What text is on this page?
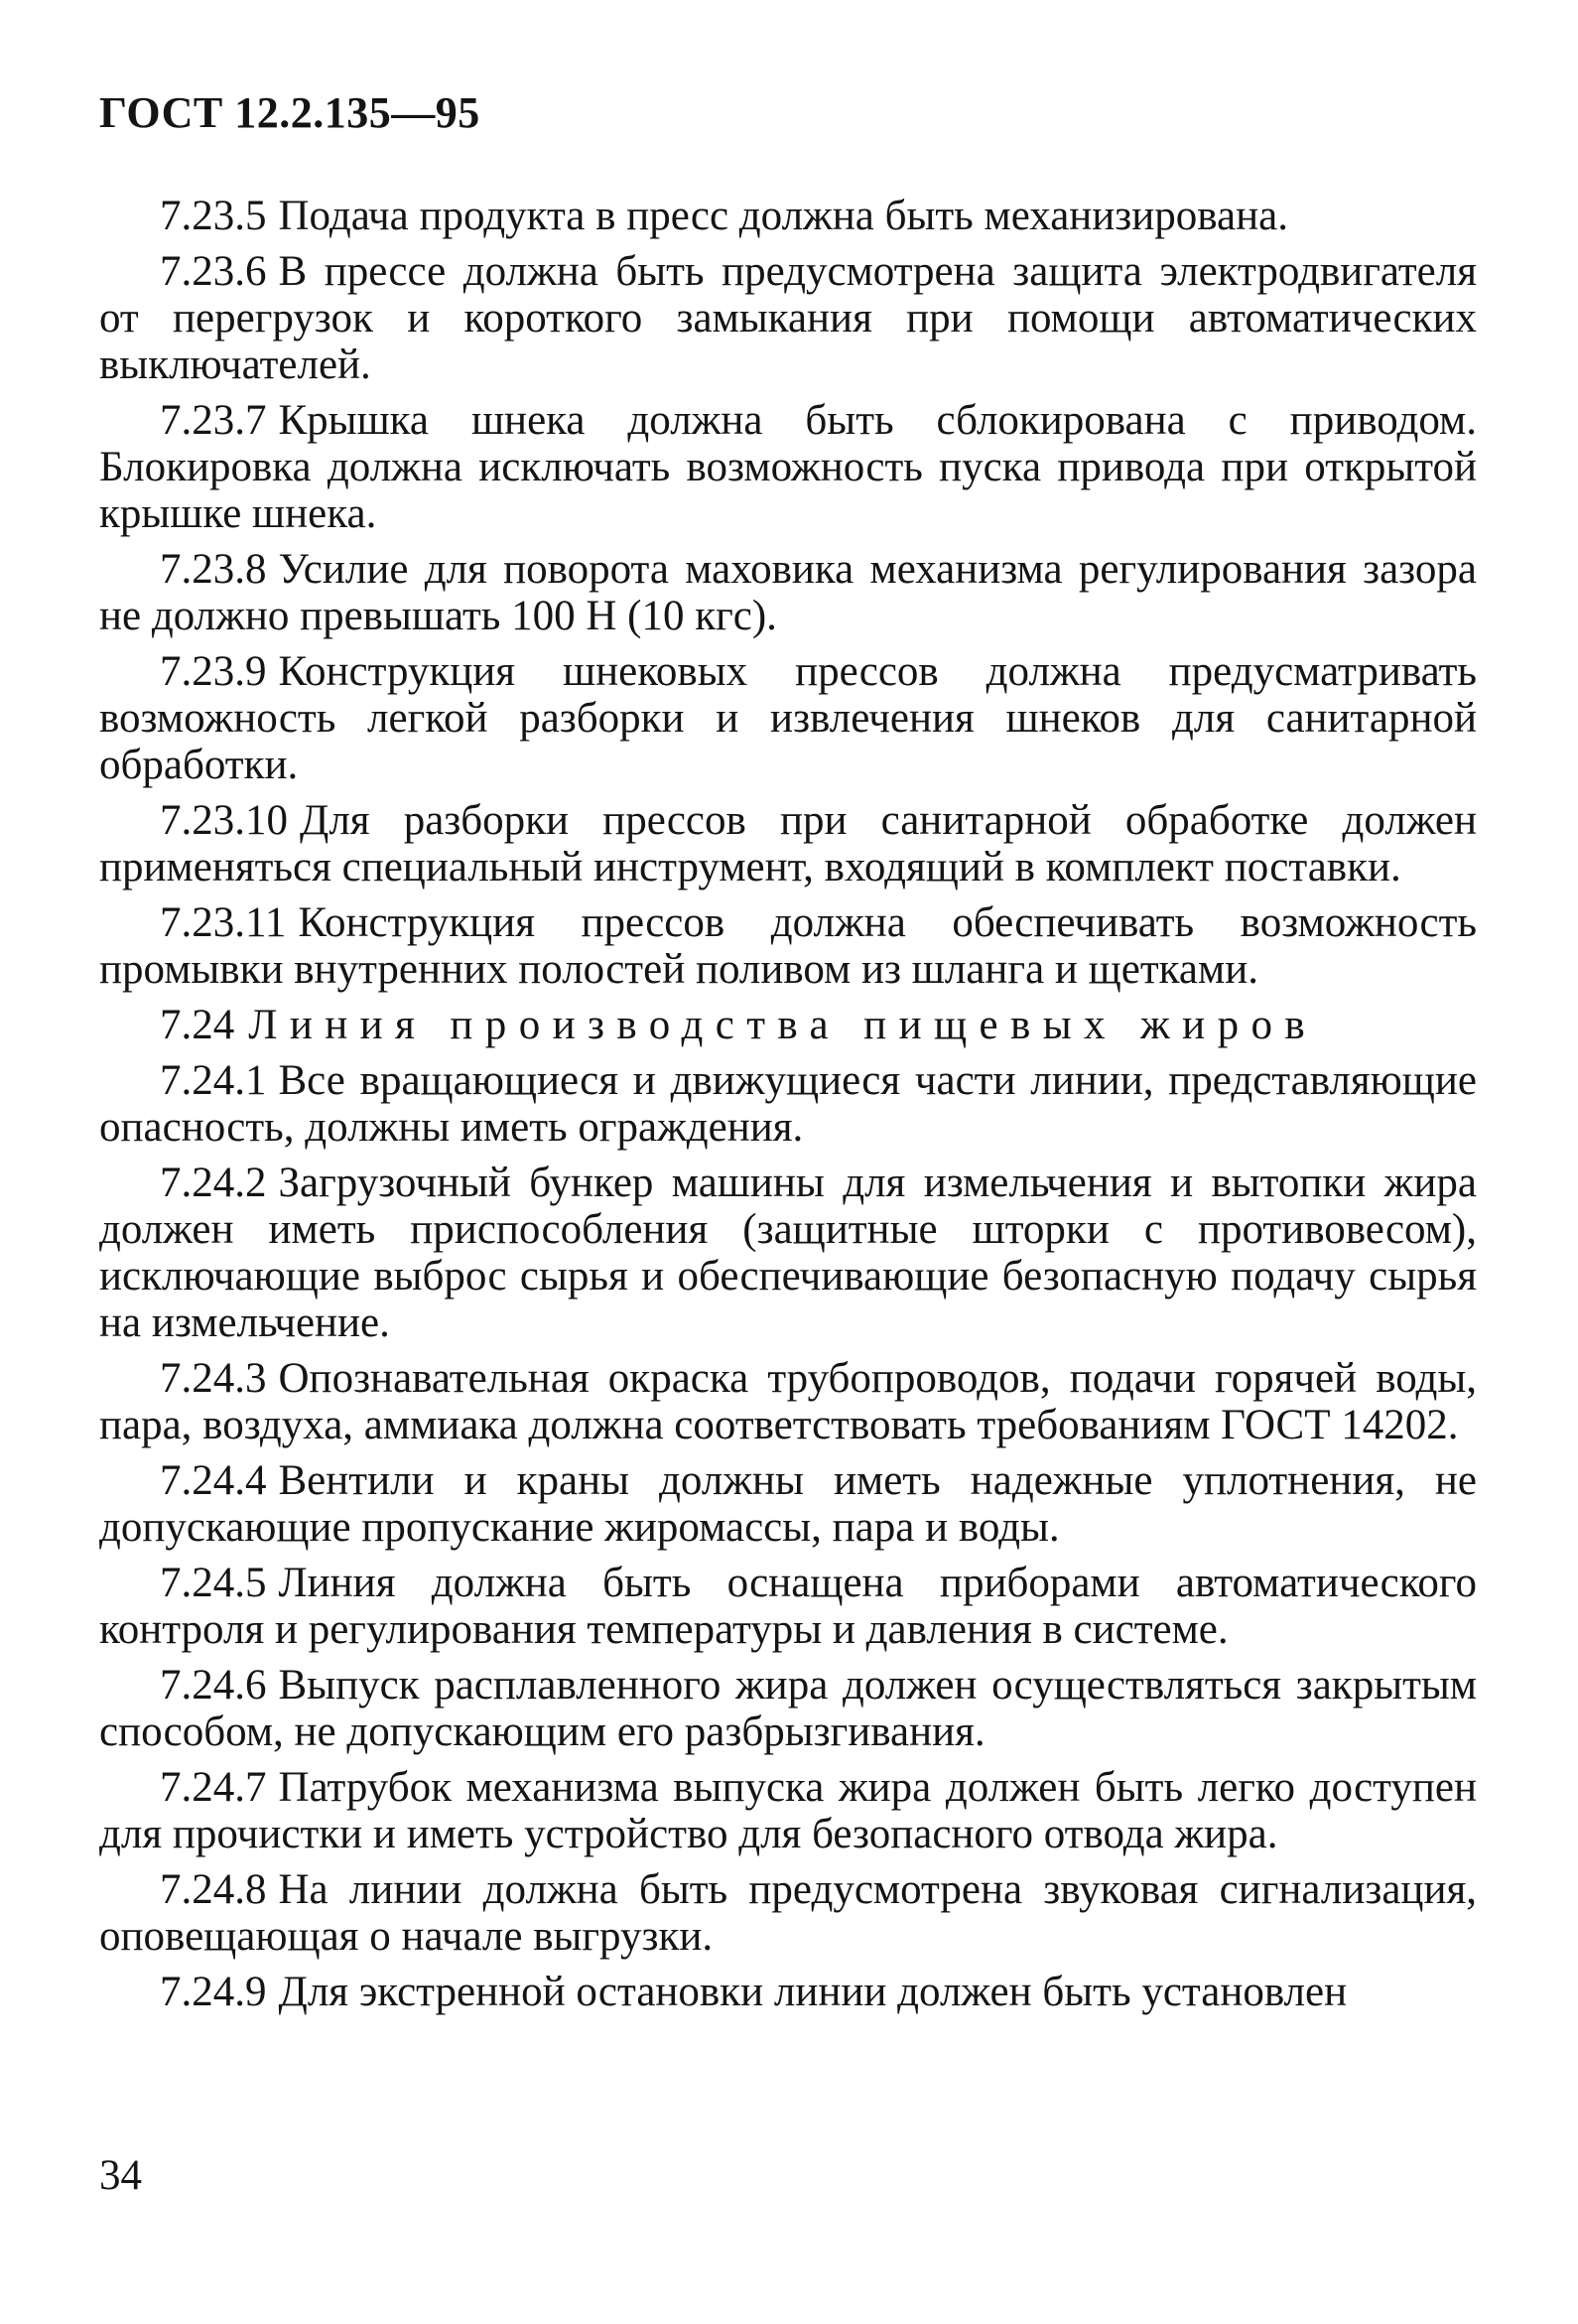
ГОСТ 12.2.135—95

7.23.5 Подача продукта в пресс должна быть механизирована.

7.23.6 В прессе должна быть предусмотрена защита электродвигателя от перегрузок и короткого замыкания при помощи автоматических выключателей.

7.23.7 Крышка шнека должна быть сблокирована с приводом. Блокировка должна исключать возможность пуска привода при открытой крышке шнека.

7.23.8 Усилие для поворота маховика механизма регулирования зазора не должно превышать 100 Н (10 кгс).

7.23.9 Конструкция шнековых прессов должна предусматривать возможность легкой разборки и извлечения шнеков для санитарной обработки.

7.23.10 Для разборки прессов при санитарной обработке должен применяться специальный инструмент, входящий в комплект поставки.

7.23.11 Конструкция прессов должна обеспечивать возможность промывки внутренних полостей поливом из шланга и щетками.

7.24 Линия производства пищевых жиров

7.24.1 Все вращающиеся и движущиеся части линии, представляющие опасность, должны иметь ограждения.

7.24.2 Загрузочный бункер машины для измельчения и вытопки жира должен иметь приспособления (защитные шторки с противовесом), исключающие выброс сырья и обеспечивающие безопасную подачу сырья на измельчение.

7.24.3 Опознавательная окраска трубопроводов, подачи горячей воды, пара, воздуха, аммиака должна соответствовать требованиям ГОСТ 14202.

7.24.4 Вентили и краны должны иметь надежные уплотнения, не допускающие пропускание жиромассы, пара и воды.

7.24.5 Линия должна быть оснащена приборами автоматического контроля и регулирования температуры и давления в системе.

7.24.6 Выпуск расплавленного жира должен осуществляться закрытым способом, не допускающим его разбрызгивания.

7.24.7 Патрубок механизма выпуска жира должен быть легко доступен для прочистки и иметь устройство для безопасного отвода жира.

7.24.8 На линии должна быть предусмотрена звуковая сигнализация, оповещающая о начале выгрузки.

7.24.9 Для экстренной остановки линии должен быть установлен

34
